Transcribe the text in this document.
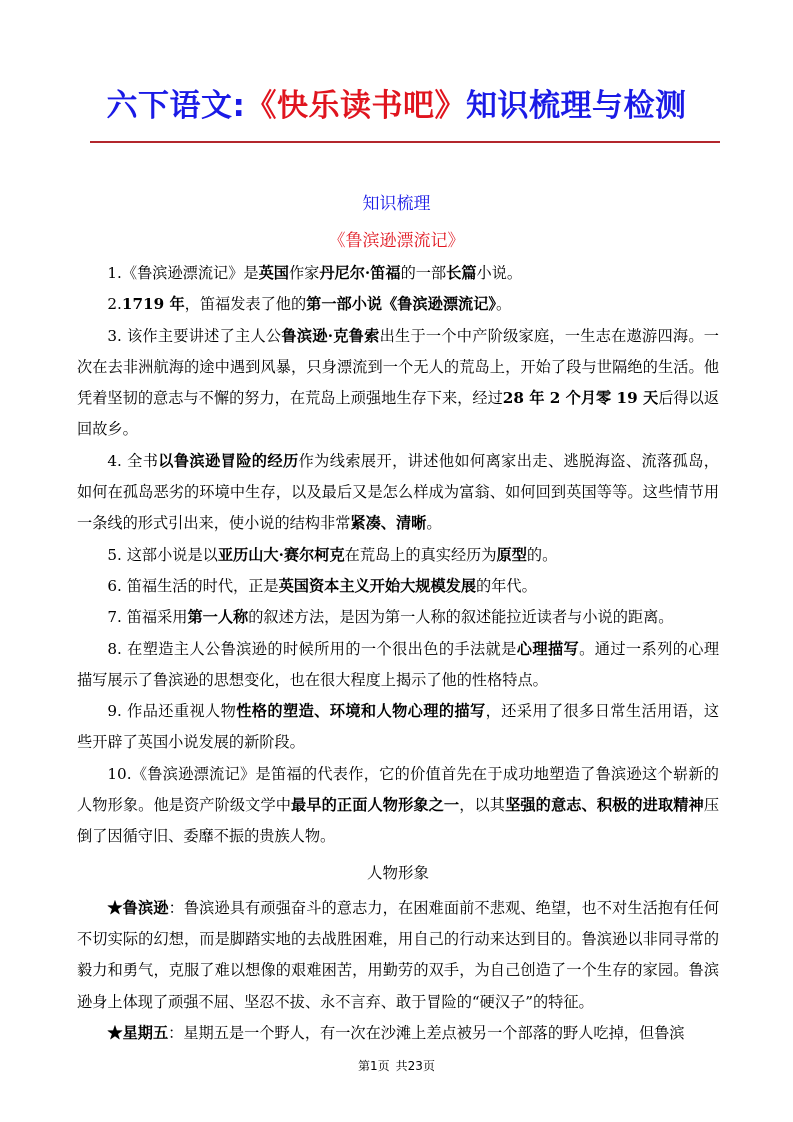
六下语文:《快乐读书吧》知识梳理与检测
知识梳理
《鲁滨逊漂流记》

1.《鲁滨逊漂流记》是英国作家丹尼尔·笛福的一部长篇小说。

2.1719 年，笛福发表了他的第一部小说《鲁滨逊漂流记》。

3. 该作主要讲述了主人公鲁滨逊·克鲁索出生于一个中产阶级家庭，一生志在遨游四海。一次在去非洲航海的途中遇到风暴，只身漂流到一个无人的荒岛上，开始了段与世隔绝的生活。他凭着坚韧的意志与不懈的努力，在荒岛上顽强地生存下来，经过28 年 2 个月零 19 天后得以返回故乡。

4. 全书以鲁滨逊冒险的经历作为线索展开，讲述他如何离家出走、逃脱海盗、流落孤岛，如何在孤岛恶劣的环境中生存，以及最后又是怎么样成为富翁、如何回到英国等等。这些情节用一条线的形式引出来，使小说的结构非常紧凑、清晰。

5. 这部小说是以亚历山大·赛尔柯克在荒岛上的真实经历为原型的。

6. 笛福生活的时代，正是英国资本主义开始大规模发展的年代。

7. 笛福采用第一人称的叙述方法，是因为第一人称的叙述能拉近读者与小说的距离。

8. 在塑造主人公鲁滨逊的时候所用的一个很出色的手法就是心理描写。通过一系列的心理描写展示了鲁滨逊的思想变化，也在很大程度上揭示了他的性格特点。

9. 作品还重视人物性格的塑造、环境和人物心理的描写，还采用了很多日常生活用语，这些开辟了英国小说发展的新阶段。

10.《鲁滨逊漂流记》是笛福的代表作，它的价值首先在于成功地塑造了鲁滨逊这个崭新的人物形象。他是资产阶级文学中最早的正面人物形象之一，以其坚强的意志、积极的进取精神压倒了因循守旧、委靡不振的贵族人物。

人物形象

★鲁滨逊：鲁滨逊具有顽强奋斗的意志力，在困难面前不悲观、绝望，也不对生活抱有任何不切实际的幻想，而是脚踏实地的去战胜困难，用自己的行动来达到目的。鲁滨逊以非同寻常的毅力和勇气，克服了难以想像的艰难困苦，用勤劳的双手，为自己创造了一个生存的家园。鲁滨逊身上体现了顽强不屈、坚忍不拔、永不言弃、敢于冒险的“硬汉子”的特征。

★星期五：星期五是一个野人，有一次在沙滩上差点被另一个部落的野人吃掉，但鲁滨

第1页 共23页
